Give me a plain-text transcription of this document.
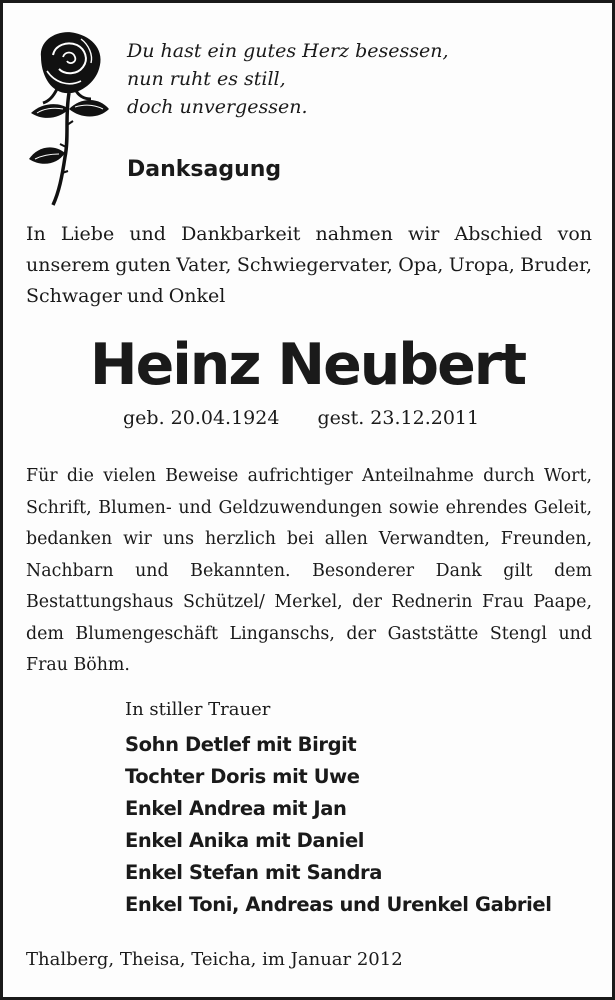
Du hast ein gutes Herz besessen,
nun ruht es still,
doch unvergessen.
Danksagung
In Liebe und Dankbarkeit nahmen wir Abschied von unserem guten Vater, Schwiegervater, Opa, Uropa, Bruder, Schwager und Onkel
Heinz Neubert
geb. 20.04.1924 gest. 23.12.2011
Für die vielen Beweise aufrichtiger Anteilnahme durch Wort, Schrift, Blumen- und Geldzuwendungen sowie ehrendes Geleit, bedanken wir uns herzlich bei allen Verwandten, Freunden, Nachbarn und Bekannten. Besonderer Dank gilt dem Bestattungshaus Schützel/ Merkel, der Rednerin Frau Paape, dem Blumengeschäft Linganschs, der Gaststätte Stengl und Frau Böhm.
In stiller Trauer
Sohn Detlef mit Birgit
Tochter Doris mit Uwe
Enkel Andrea mit Jan
Enkel Anika mit Daniel
Enkel Stefan mit Sandra
Enkel Toni, Andreas und Urenkel Gabriel
Thalberg, Theisa, Teicha, im Januar 2012
